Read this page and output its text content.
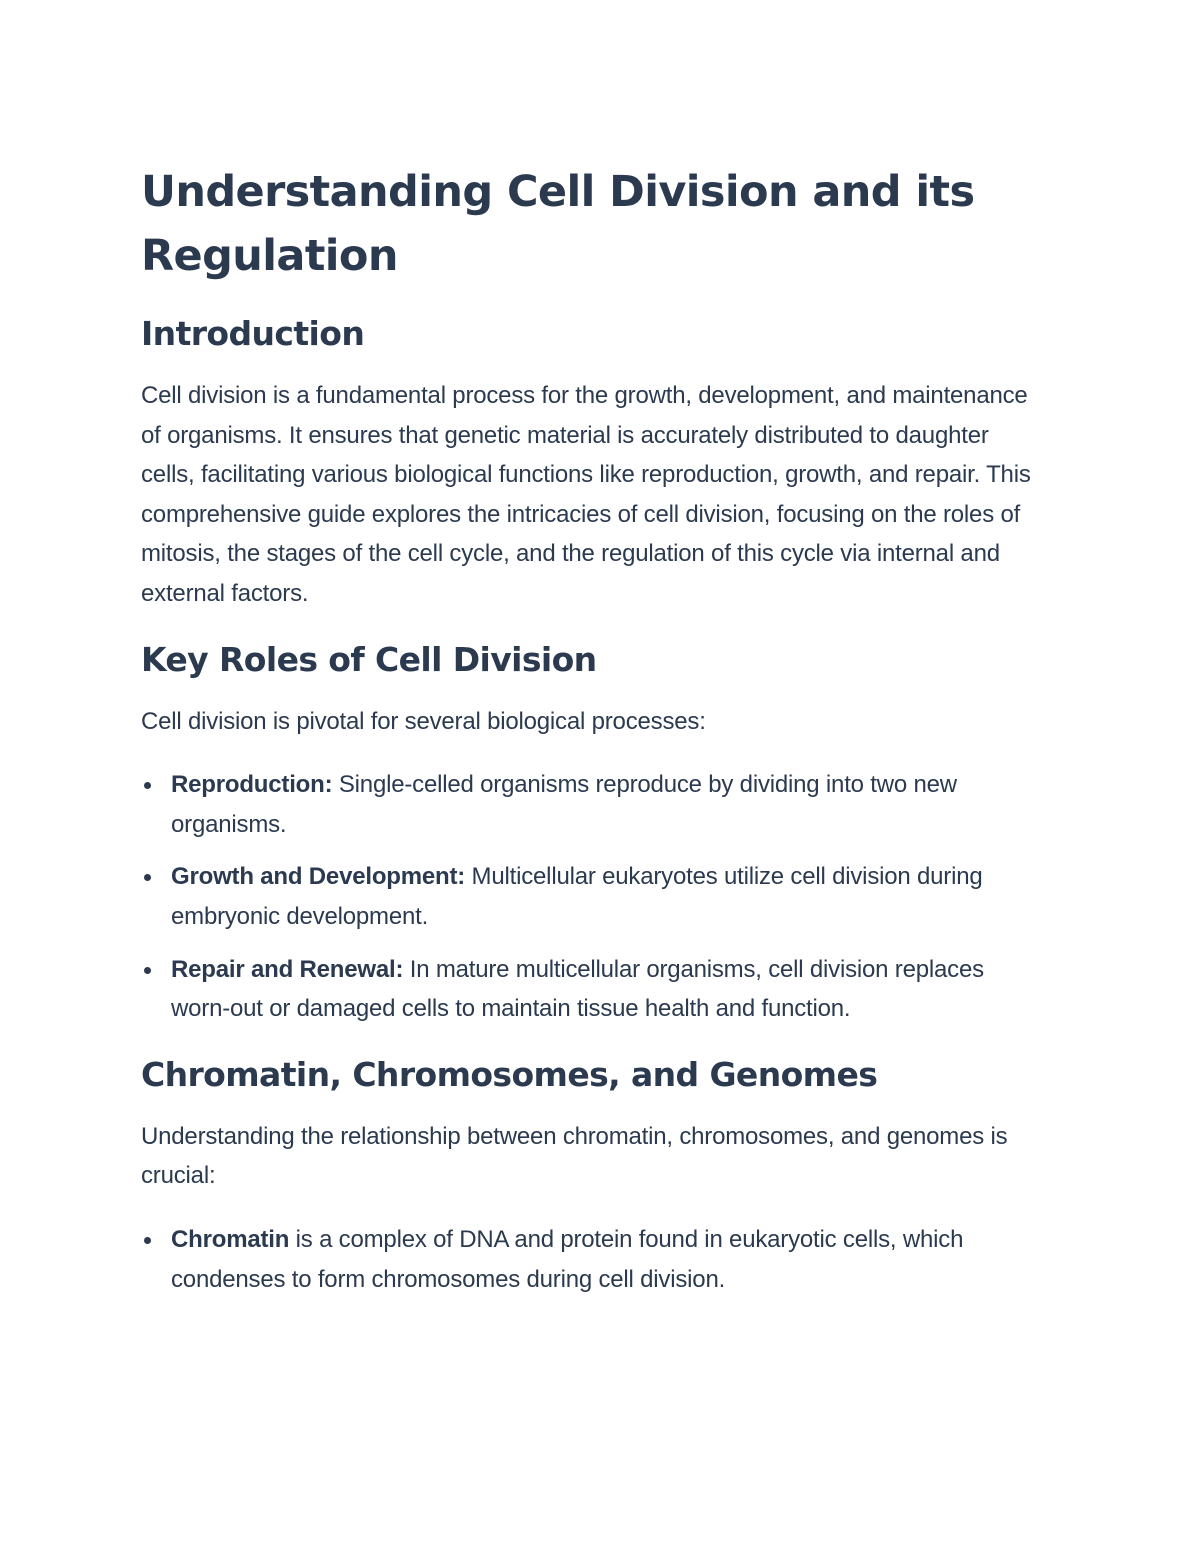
Understanding Cell Division and its Regulation
Introduction

Cell division is a fundamental process for the growth, development, and maintenance of organisms. It ensures that genetic material is accurately distributed to daughter cells, facilitating various biological functions like reproduction, growth, and repair. This comprehensive guide explores the intricacies of cell division, focusing on the roles of mitosis, the stages of the cell cycle, and the regulation of this cycle via internal and external factors.

Key Roles of Cell Division

Cell division is pivotal for several biological processes:

Reproduction: Single-celled organisms reproduce by dividing into two new organisms.
Growth and Development: Multicellular eukaryotes utilize cell division during embryonic development.
Repair and Renewal: In mature multicellular organisms, cell division replaces worn-out or damaged cells to maintain tissue health and function.
Chromatin, Chromosomes, and Genomes

Understanding the relationship between chromatin, chromosomes, and genomes is crucial:

Chromatin is a complex of DNA and protein found in eukaryotic cells, which condenses to form chromosomes during cell division.
